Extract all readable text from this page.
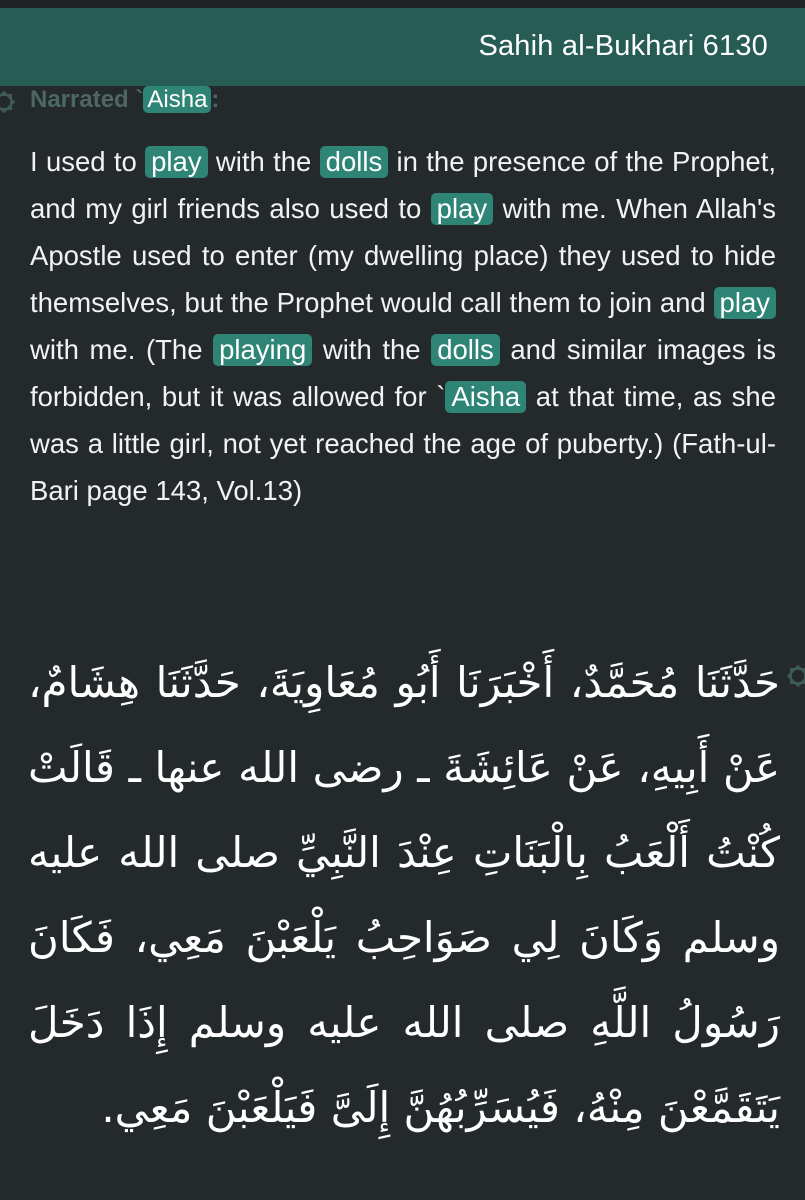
Sahih al-Bukhari 6130
Narrated ` Aisha :
I used to play with the dolls in the presence of the Prophet, and my girl friends also used to play with me. When Allah's Apostle used to enter (my dwelling place) they used to hide themselves, but the Prophet would call them to join and play with me. (The playing with the dolls and similar images is forbidden, but it was allowed for ` Aisha at that time, as she was a little girl, not yet reached the age of puberty.) (Fath-ul-Bari page 143, Vol.13)
حَدَّثَنَا مُحَمَّدٌ، أَخْبَرَنَا أَبُو مُعَاوِيَةَ، حَدَّثَنَا هِشَامٌ، عَنْ أَبِيهِ، عَنْ عَائِشَةَ ـ رضى الله عنها ـ قَالَتْ كُنْتُ أَلْعَبُ بِالْبَنَاتِ عِنْدَ النَّبِيِّ صلى الله عليه وسلم وَكَانَ لِي صَوَاحِبُ يَلْعَبْنَ مَعِي، فَكَانَ رَسُولُ اللَّهِ صلى الله عليه وسلم إِذَا دَخَلَ يَتَقَمَّعْنَ مِنْهُ، فَيُسَرِّبُهُنَّ إِلَىَّ فَيَلْعَبْنَ مَعِي.
